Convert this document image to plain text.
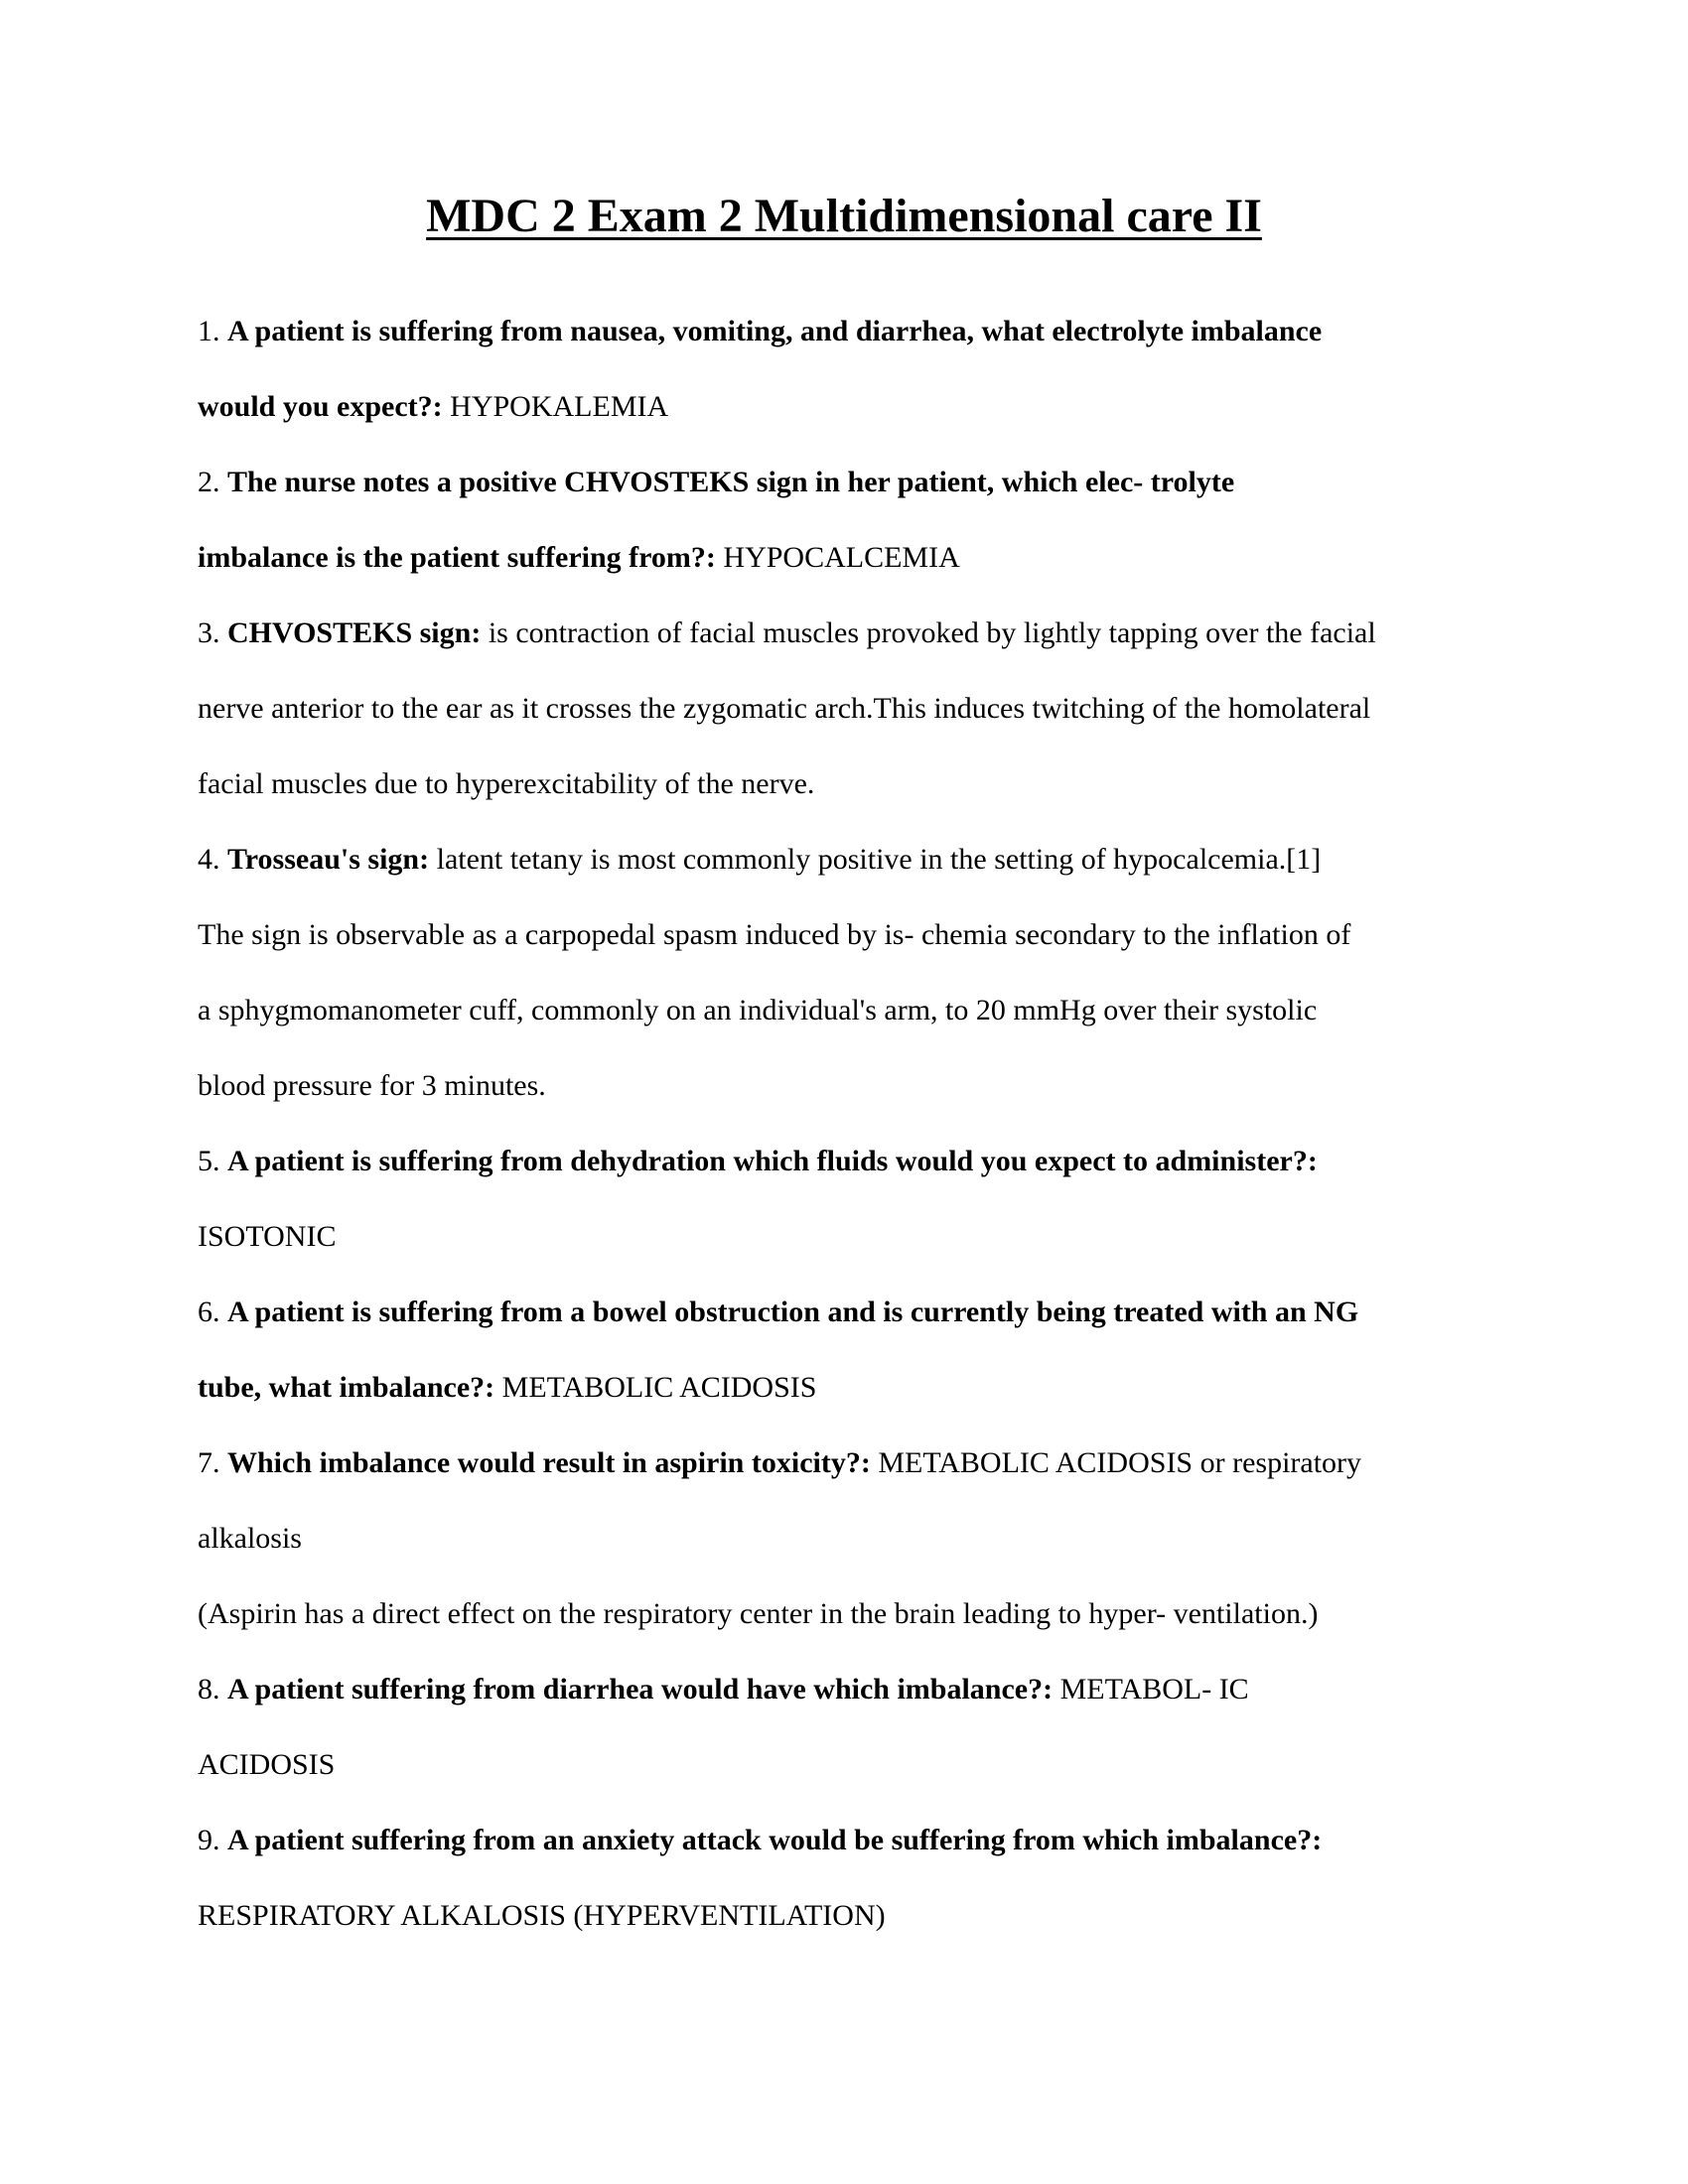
MDC 2 Exam 2 Multidimensional care II
1. A patient is suffering from nausea, vomiting, and diarrhea, what electrolyte imbalance
would you expect?: HYPOKALEMIA
2. The nurse notes a positive CHVOSTEKS sign in her patient, which elec- trolyte
imbalance is the patient suffering from?: HYPOCALCEMIA
3. CHVOSTEKS sign: is contraction of facial muscles provoked by lightly tapping over the facial
nerve anterior to the ear as it crosses the zygomatic arch.This induces twitching of the homolateral
facial muscles due to hyperexcitability of the nerve.
4. Trosseau's sign: latent tetany is most commonly positive in the setting of hypocalcemia.[1]
The sign is observable as a carpopedal spasm induced by is- chemia secondary to the inflation of
a sphygmomanometer cuff, commonly on an individual's arm, to 20 mmHg over their systolic
blood pressure for 3 minutes.
5. A patient is suffering from dehydration which fluids would you expect to administer?:
ISOTONIC
6. A patient is suffering from a bowel obstruction and is currently being treated with an NG
tube, what imbalance?: METABOLIC ACIDOSIS
7. Which imbalance would result in aspirin toxicity?: METABOLIC ACIDOSIS or respiratory
alkalosis
(Aspirin has a direct effect on the respiratory center in the brain leading to hyper- ventilation.)
8. A patient suffering from diarrhea would have which imbalance?: METABOL- IC
ACIDOSIS
9. A patient suffering from an anxiety attack would be suffering from which imbalance?:
RESPIRATORY ALKALOSIS (HYPERVENTILATION)
